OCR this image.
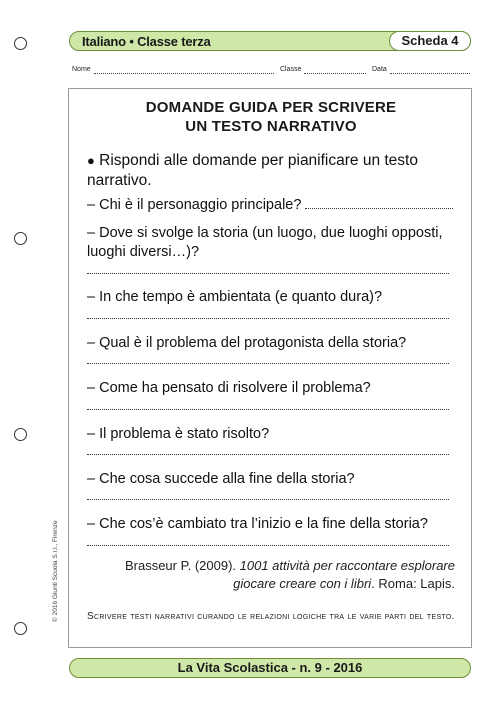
Italiano • Classe terza	Scheda 4
Nome	Classe	Data
DOMANDE GUIDA PER SCRIVERE
UN TESTO NARRATIVO
● Rispondi alle domande per pianificare un testo narrativo.
– Chi è il personaggio principale?
– Dove si svolge la storia (un luogo, due luoghi opposti, luoghi diversi…)?
– In che tempo è ambientata (e quanto dura)?
– Qual è il problema del protagonista della storia?
– Come ha pensato di risolvere il problema?
– Il problema è stato risolto?
– Che cosa succede alla fine della storia?
– Che cos’è cambiato tra l’inizio e la fine della storia?
Brasseur P. (2009). 1001 attività per raccontare esplorare giocare creare con i libri. Roma: Lapis.
Scrivere testi narrativi curando le relazioni logiche tra le varie parti del testo.
© 2016 Giunti Scuola S.r.l., Firenze
La Vita Scolastica - n. 9 - 2016
